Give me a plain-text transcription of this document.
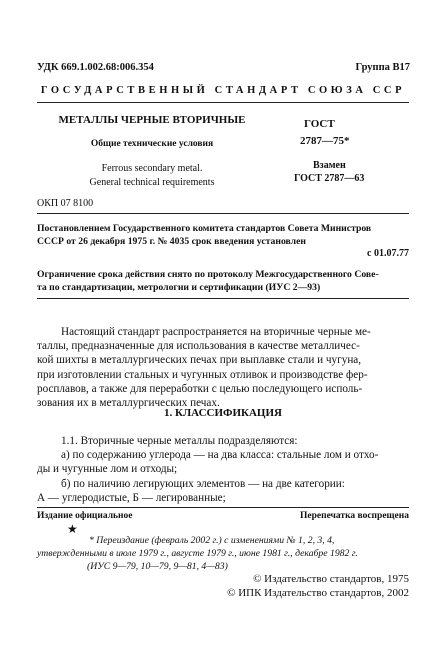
УДК 669.1.002.68:006.354	Группа В17
ГОСУДАРСТВЕННЫЙ СТАНДАРТ СОЮЗА ССР
МЕТАЛЛЫ ЧЕРНЫЕ ВТОРИЧНЫЕ
Общие технические условия
Ferrous secondary metal.
General technical requirements
ГОСТ
2787—75*
Взамен
ГОСТ 2787—63
ОКП 07 8100
Постановлением Государственного комитета стандартов Совета Министров
СССР от 26 декабря 1975 г. № 4035 срок введения установлен
с 01.07.77
Ограничение срока действия снято по протоколу Межгосударственного Сове-
та по стандартизации, метрологии и сертификации (ИУС 2—93)
Настоящий стандарт распространяется на вторичные черные ме-
таллы, предназначенные для использования в качестве металличес-
кой шихты в металлургических печах при выплавке стали и чугуна,
при изготовлении стальных и чугунных отливок и производстве фер-
росплавов, а также для переработки с целью последующего исполь-
зования их в металлургических печах.
1. КЛАССИФИКАЦИЯ
1.1. Вторичные черные металлы подразделяются:
а) по содержанию углерода — на два класса: стальные лом и отхо-
ды и чугунные лом и отходы;
б) по наличию легирующих элементов — на две категории:
А — углеродистые, Б — легированные;
Издание официальное	Перепечатка воспрещена
★
* Переиздание (февраль 2002 г.) с изменениями № 1, 2, 3, 4,
утвержденными в июле 1979 г., августе 1979 г., июне 1981 г., декабре 1982 г.
(ИУС 9—79, 10—79, 9—81, 4—83)
© Издательство стандартов, 1975
© ИПК Издательство стандартов, 2002
